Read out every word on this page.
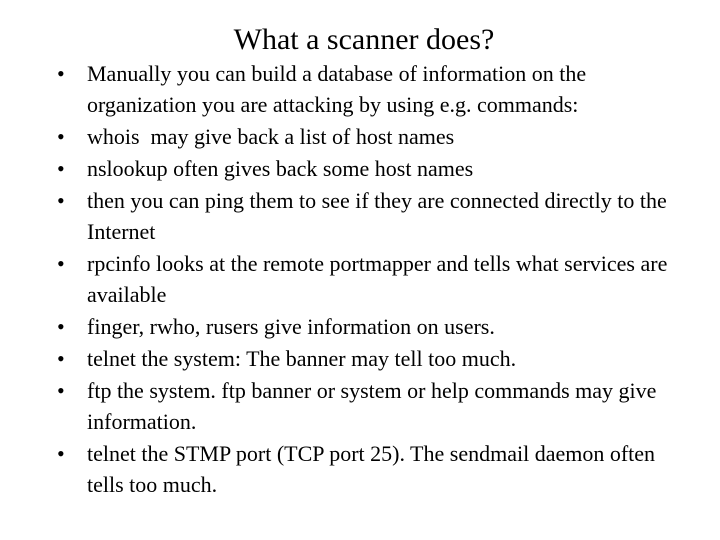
What a scanner does?
• Manually you can build a database of information on the organization you are attacking by using e.g. commands:
• whois  may give back a list of host names
• nslookup often gives back some host names
• then you can ping them to see if they are connected directly to the Internet
• rpcinfo looks at the remote portmapper and tells what services are available
• finger, rwho, rusers give information on users.
• telnet the system: The banner may tell too much.
• ftp the system. ftp banner or system or help commands may give information.
• telnet the STMP port (TCP port 25). The sendmail daemon often tells too much.
